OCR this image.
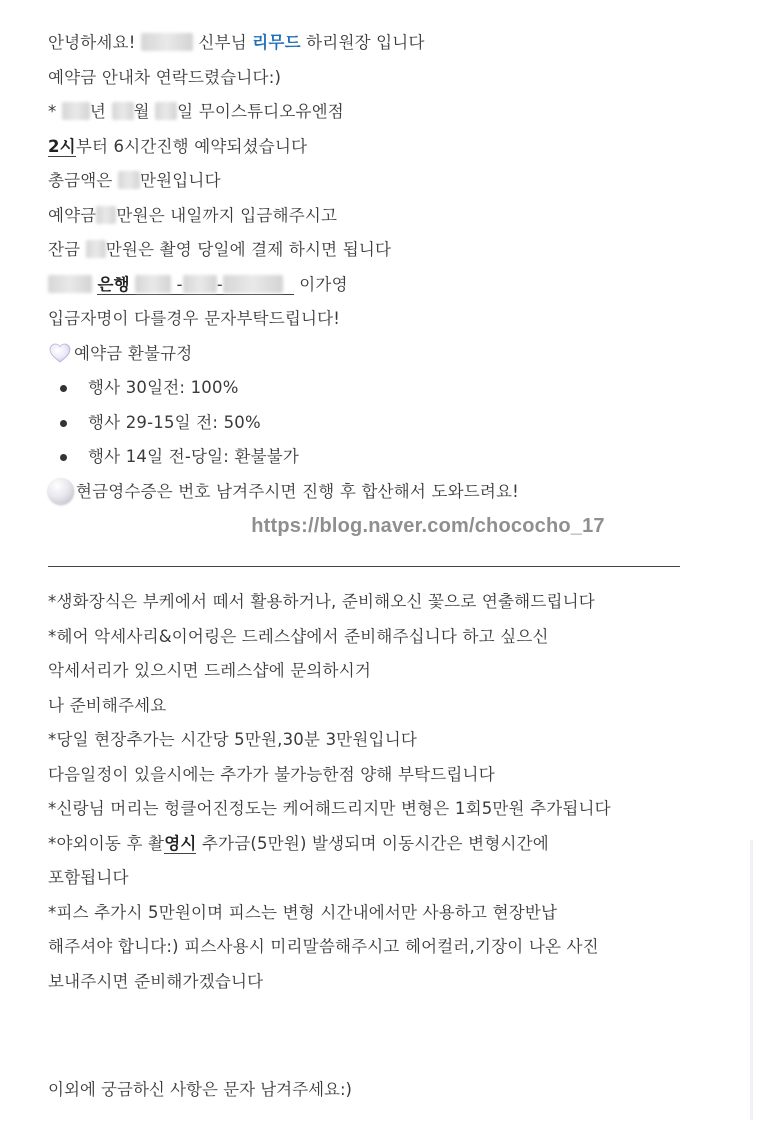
안녕하세요!	신부님 리무드 하리원장 입니다
예약금 안내차 연락드렸습니다:)
* 년 월 일 무이스튜디오유엔점
2시부터 6시간진행 예약되셨습니다
총금액은 만원입니다
예약금 만원은 내일까지 입금해주시고
잔금 만원은 촬영 당일에 결제 하시면 됩니다
은행	- -	이가영
입금자명이 다를경우 문자부탁드립니다!
예약금 환불규정
행사 30일전: 100%
행사 29-15일 전: 50%
행사 14일 전-당일: 환불불가
현금영수증은 번호 남겨주시면 진행 후 합산해서 도와드려요!
https://blog.naver.com/chococho_17
*생화장식은 부케에서 떼서 활용하거나, 준비해오신 꽃으로 연출해드립니다
*헤어 악세사리&이어링은 드레스샵에서 준비해주십니다 하고 싶으신
악세서리가 있으시면 드레스샵에 문의하시거
나 준비해주세요
*당일 현장추가는 시간당 5만원,30분 3만원입니다
다음일정이 있을시에는 추가가 불가능한점 양해 부탁드립니다
*신랑님 머리는 헝클어진정도는 케어해드리지만 변형은 1회5만원 추가됩니다
*야외이동 후 촬영시 추가금(5만원) 발생되며 이동시간은 변형시간에
포함됩니다
*피스 추가시 5만원이며 피스는 변형 시간내에서만 사용하고 현장반납
해주셔야 합니다:) 피스사용시 미리말씀해주시고 헤어컬러,기장이 나온 사진
보내주시면 준비해가겠습니다
이외에 궁금하신 사항은 문자 남겨주세요:)
